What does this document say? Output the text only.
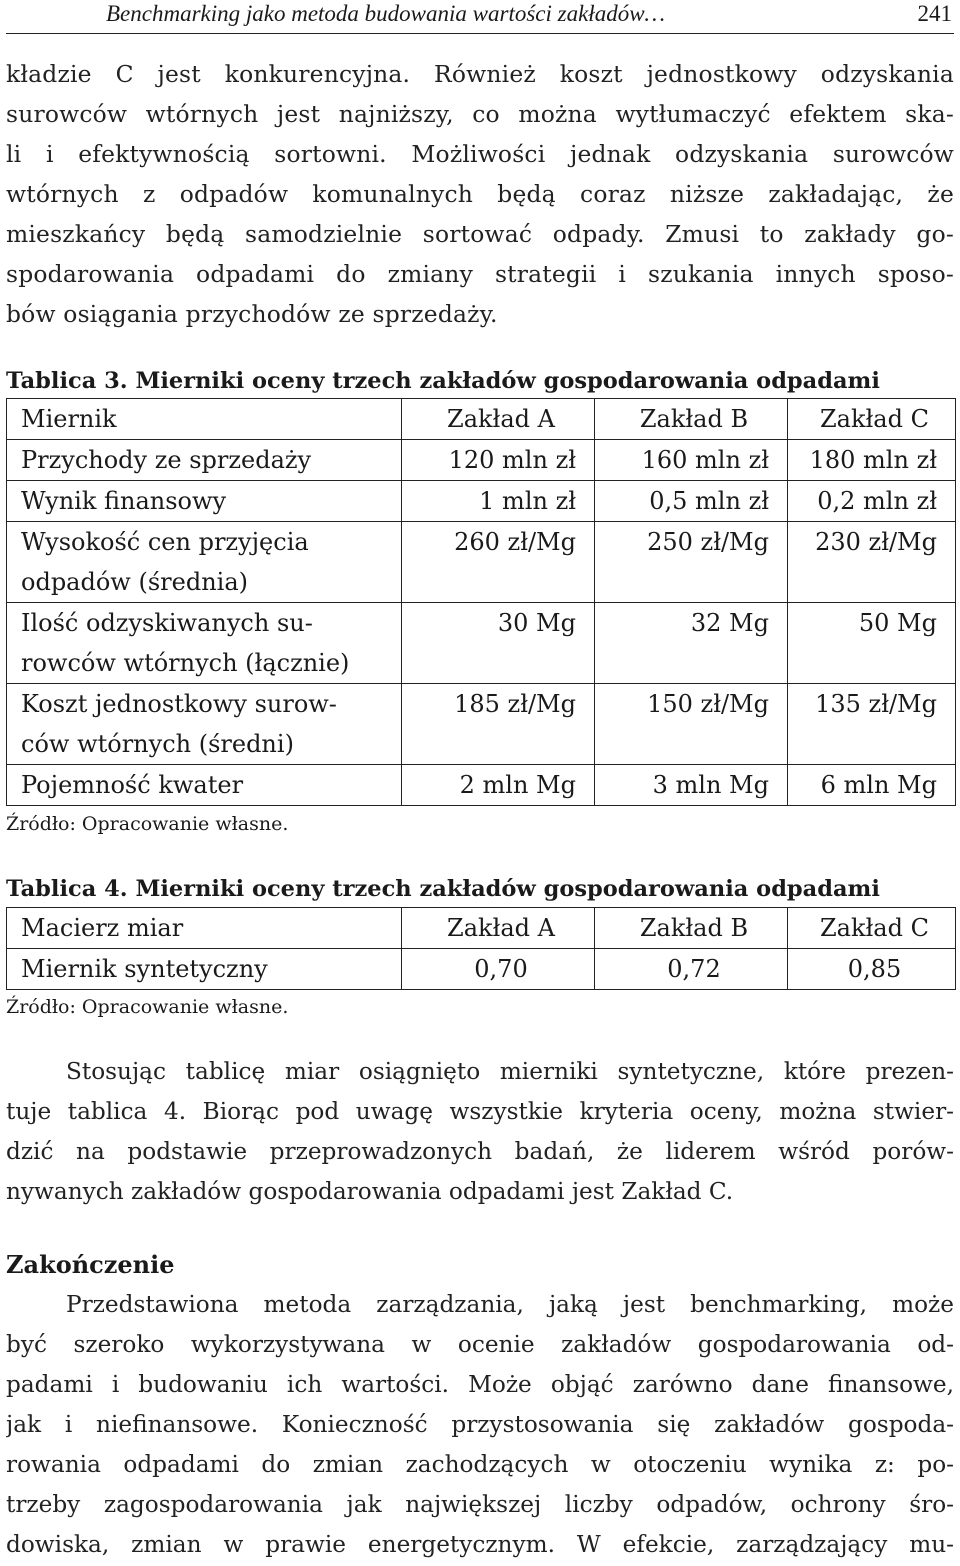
Benchmarking jako metoda budowania wartości zakładów…	241
kładzie C jest konkurencyjna. Również koszt jednostkowy odzyskania
surowców wtórnych jest najniższy, co można wytłumaczyć efektem ska-
li i efektywnością sortowni. Możliwości jednak odzyskania surowców
wtórnych z odpadów komunalnych będą coraz niższe zakładając, że
mieszkańcy będą samodzielnie sortować odpady. Zmusi to zakłady go-
spodarowania odpadami do zmiany strategii i szukania innych sposo-
bów osiągania przychodów ze sprzedaży.
Tablica 3. Mierniki oceny trzech zakładów gospodarowania odpadami
Miernik	Zakład A	Zakład B	Zakład C
Przychody ze sprzedaży	120 mln zł	160 mln zł	180 mln zł
Wynik finansowy	1 mln zł	0,5 mln zł	0,2 mln zł

Wysokość cen przyjęcia
odpadów (średnia)	260 zł/Mg	250 zł/Mg	230 zł/Mg

Ilość odzyskiwanych su-
rowców wtórnych (łącznie)	30 Mg	32 Mg	50 Mg

Koszt jednostkowy surow-
ców wtórnych (średni)	185 zł/Mg	150 zł/Mg	135 zł/Mg
Pojemność kwater	2 mln Mg	3 mln Mg	6 mln Mg
Źródło: Opracowanie własne.
Tablica 4. Mierniki oceny trzech zakładów gospodarowania odpadami
Macierz miar	Zakład A	Zakład B	Zakład C
Miernik syntetyczny	0,70	0,72	0,85
Źródło: Opracowanie własne.
Stosując tablicę miar osiągnięto mierniki syntetyczne, które prezen-
tuje tablica 4. Biorąc pod uwagę wszystkie kryteria oceny, można stwier-
dzić na podstawie przeprowadzonych badań, że liderem wśród porów-
nywanych zakładów gospodarowania odpadami jest Zakład C.
Zakończenie
Przedstawiona metoda zarządzania, jaką jest benchmarking, może
być szeroko wykorzystywana w ocenie zakładów gospodarowania od-
padami i budowaniu ich wartości. Może objąć zarówno dane finansowe,
jak i niefinansowe. Konieczność przystosowania się zakładów gospoda-
rowania odpadami do zmian zachodzących w otoczeniu wynika z: po-
trzeby zagospodarowania jak największej liczby odpadów, ochrony śro-
dowiska, zmian w prawie energetycznym. W efekcie, zarządzający mu-
